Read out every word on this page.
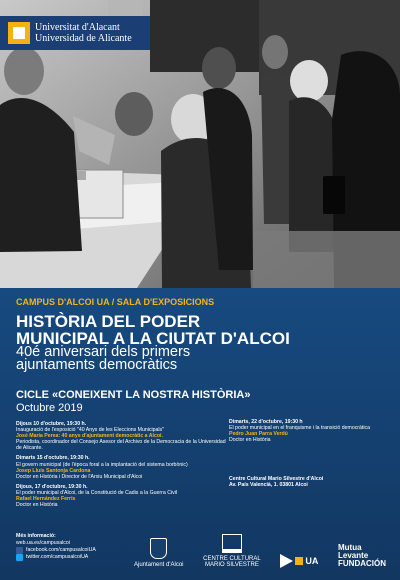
Universitat d'Alacant
Universidad de Alicante
CAMPUS D'ALCOI UA / SALA D'EXPOSICIONS
HISTÒRIA DEL PODER
MUNICIPAL A LA CIUTAT D'ALCOI
40é aniversari dels primers
ajuntaments democràtics
CICLE «CONEIXENT LA NOSTRA HISTÒRIA»
Octubre 2019
Dijous 10 d'octubre, 19:30 h.
Inauguració de l'exposició "40 Anys de les Eleccions Municipals"
José María Perea: 40 anys d'ajuntament democràtic a Alcoi.
Periodista, coordinador del Consejo Asesor del Archivo de la Democracia de la Universidad de Alicante.
Dimarts 15 d'octubre, 19:30 h.
El govern municipal (de l'època foral a la implantació del sistema borbònic)
Josep Lluís Santonja Cardona
Doctor en Història i Director de l'Arxiu Municipal d'Alcoi
Dijous, 17 d'octubre, 19:30 h.
El poder municipal d'Alcoi, de la Constitució de Cadis a la Guerra Civil
Rafael Hernández Ferris
Doctor en Història
Dimarts, 22 d'octubre, 19:30 h
El poder municipal en el franquisme i la transició democràtica
Pedro Juan Parra Verdú
Doctor en Història
Centre Cultural Mario Silvestre d'Alcoi
Av. País Valencià, 1. 03801 Alcoi
Més informació:
web.ua.es/campusalcoi
facebook.com/campusalcoiUA
twitter.com/campusalcoiUA
Ajuntament d'Alcoi
CENTRE CULTURAL
MARIO SILVESTRE	UA
Mutua
Levante
FUNDACIÓN
